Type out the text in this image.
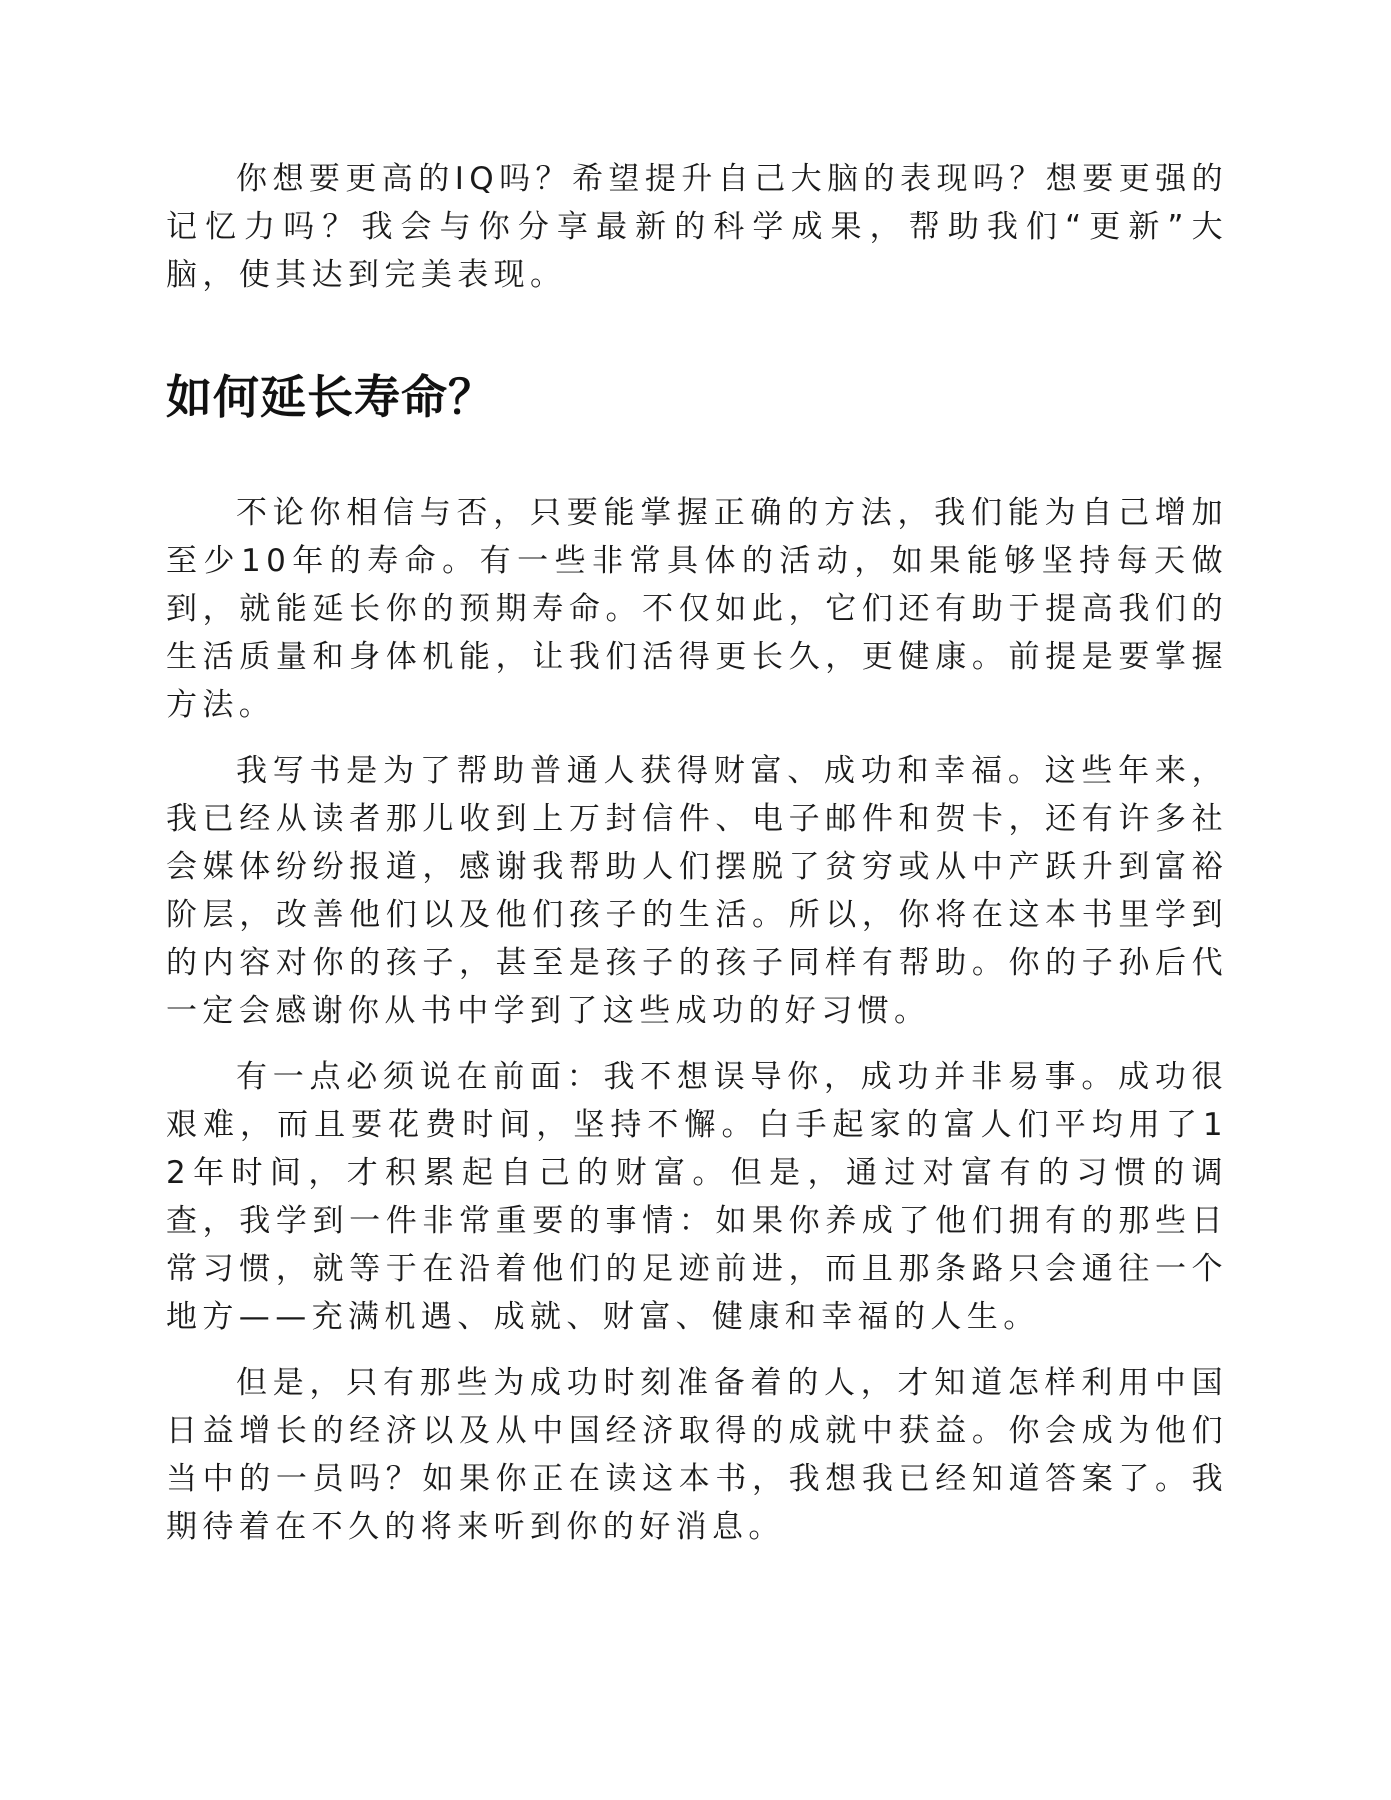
你想要更高的IQ吗？希望提升自己大脑的表现吗？想要更强的记忆力吗？我会与你分享最新的科学成果，帮助我们“更新”大脑，使其达到完美表现。

如何延长寿命？

不论你相信与否，只要能掌握正确的方法，我们能为自己增加至少10年的寿命。有一些非常具体的活动，如果能够坚持每天做到，就能延长你的预期寿命。不仅如此，它们还有助于提高我们的生活质量和身体机能，让我们活得更长久，更健康。前提是要掌握方法。

我写书是为了帮助普通人获得财富、成功和幸福。这些年来，我已经从读者那儿收到上万封信件、电子邮件和贺卡，还有许多社会媒体纷纷报道，感谢我帮助人们摆脱了贫穷或从中产跃升到富裕阶层，改善他们以及他们孩子的生活。所以，你将在这本书里学到的内容对你的孩子，甚至是孩子的孩子同样有帮助。你的子孙后代一定会感谢你从书中学到了这些成功的好习惯。

有一点必须说在前面：我不想误导你，成功并非易事。成功很艰难，而且要花费时间，坚持不懈。白手起家的富人们平均用了12年时间，才积累起自己的财富。但是，通过对富有的习惯的调查，我学到一件非常重要的事情：如果你养成了他们拥有的那些日常习惯，就等于在沿着他们的足迹前进，而且那条路只会通往一个地方——充满机遇、成就、财富、健康和幸福的人生。

但是，只有那些为成功时刻准备着的人，才知道怎样利用中国日益增长的经济以及从中国经济取得的成就中获益。你会成为他们当中的一员吗？如果你正在读这本书，我想我已经知道答案了。我期待着在不久的将来听到你的好消息。
